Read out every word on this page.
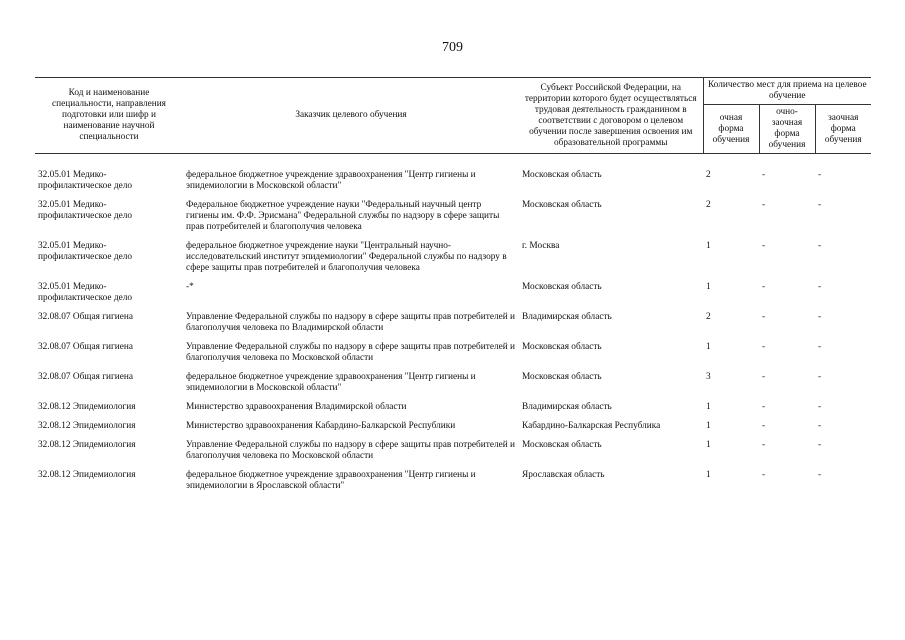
709
Код и наименование специальности, направления подготовки или шифр и наименование научной специальности	Заказчик целевого обучения	Субъект Российской Федерации, на территории которого будет осуществляться трудовая деятельность гражданином в соответствии с договором о целевом обучении после завершения освоения им образовательной программы	Количество мест для приема на целевое обучение		
			очная форма обучения	очно-заочная форма обучения	заочная форма обучения

32.05.01 Медико-профилактическое дело	федеральное бюджетное учреждение здравоохранения "Центр гигиены и эпидемиологии в Московской области"	Московская область	2	-	-
32.05.01 Медико-профилактическое дело	Федеральное бюджетное учреждение науки "Федеральный научный центр гигиены им. Ф.Ф. Эрисмана" Федеральной службы по надзору в сфере защиты прав потребителей и благополучия человека	Московская область	2	-	-
32.05.01 Медико-профилактическое дело	федеральное бюджетное учреждение науки "Центральный научно-исследовательский институт эпидемиологии" Федеральной службы по надзору в сфере защиты прав потребителей и благополучия человека	г. Москва	1	-	-
32.05.01 Медико-профилактическое дело	-*	Московская область	1	-	-
32.08.07 Общая гигиена	Управление Федеральной службы по надзору в сфере защиты прав потребителей и благополучия человека по Владимирской области	Владимирская область	2	-	-
32.08.07 Общая гигиена	Управление Федеральной службы по надзору в сфере защиты прав потребителей и благополучия человека по Московской области	Московская область	1	-	-
32.08.07 Общая гигиена	федеральное бюджетное учреждение здравоохранения "Центр гигиены и эпидемиологии в Московской области"	Московская область	3	-	-
32.08.12 Эпидемиология	Министерство здравоохранения Владимирской области	Владимирская область	1	-	-
32.08.12 Эпидемиология	Министерство здравоохранения Кабардино-Балкарской Республики	Кабардино-Балкарская Республика	1	-	-
32.08.12 Эпидемиология	Управление Федеральной службы по надзору в сфере защиты прав потребителей и благополучия человека по Московской области	Московская область	1	-	-
32.08.12 Эпидемиология	федеральное бюджетное учреждение здравоохранения "Центр гигиены и эпидемиологии в Ярославской области"	Ярославская область	1	-	-
